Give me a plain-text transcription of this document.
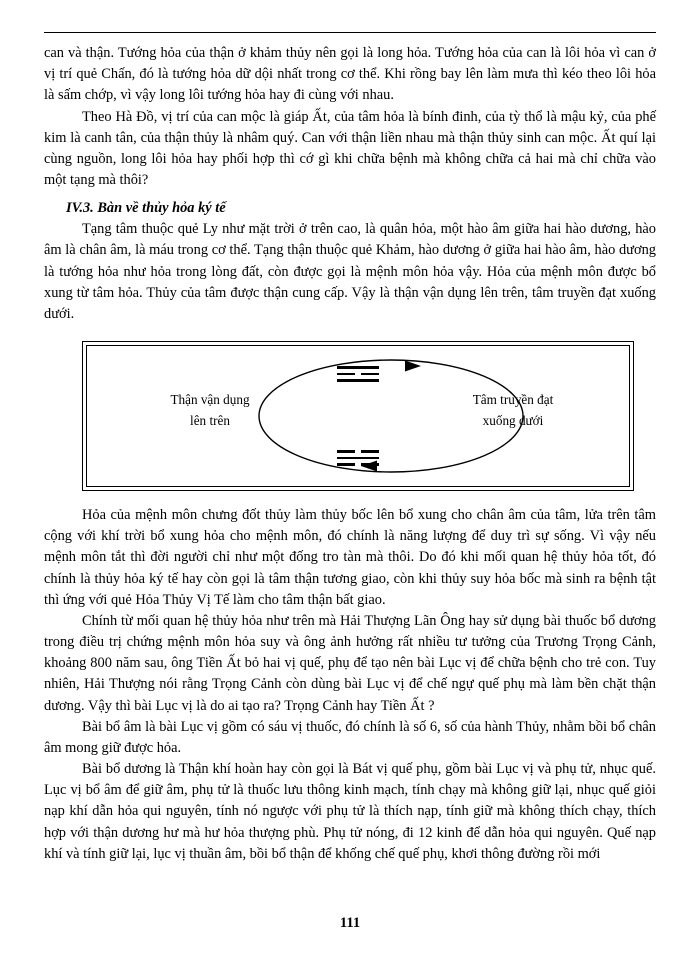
can và thận. Tướng hỏa của thận ở khảm thủy nên gọi là long hỏa. Tướng hỏa của can là lôi hỏa vì can ở vị trí quẻ Chấn, đó là tướng hỏa dữ dội nhất trong cơ thể. Khi rồng bay lên làm mưa thì kéo theo lôi hỏa là sấm chớp, vì vậy long lôi tướng hỏa hay đi cùng với nhau.

Theo Hà Đồ, vị trí của can mộc là giáp Ất, của tâm hỏa là bính đinh, của tỳ thổ là mậu kỷ, của phế kim là canh tân, của thận thủy là nhâm quý. Can với thận liền nhau mà thận thủy sinh can mộc. Ất quí lại cùng nguồn, long lôi hỏa hay phối hợp thì cớ gì khi chữa bệnh mà không chữa cả hai mà chỉ chữa vào một tạng mà thôi?

IV.3. Bàn về thủy hỏa ký tế

Tạng tâm thuộc quẻ Ly như mặt trời ở trên cao, là quân hỏa, một hào âm giữa hai hào dương, hào âm là chân âm, là máu trong cơ thể. Tạng thận thuộc quẻ Khảm, hào dương ở giữa hai hào âm, hào dương là tướng hỏa như hỏa trong lòng đất, còn được gọi là mệnh môn hỏa vậy. Hỏa của mệnh môn được bổ xung từ tâm hỏa. Thủy của tâm được thận cung cấp. Vậy là thận vận dụng lên trên, tâm truyền đạt xuống dưới.

Thận vận dụng
lên trên
Tâm truyền đạt
xuống dưới

Hỏa của mệnh môn chưng đốt thủy làm thủy bốc lên bổ xung cho chân âm của tâm, lửa trên tâm cộng với khí trời bổ xung hỏa cho mệnh môn, đó chính là năng lượng để duy trì sự sống. Vì vậy nếu mệnh môn tắt thì đời người chỉ như một đống tro tàn mà thôi. Do đó khi mối quan hệ thủy hỏa tốt, đó chính là thủy hỏa ký tế hay còn gọi là tâm thận tương giao, còn khi thủy suy hỏa bốc mà sinh ra bệnh tật thì ứng với quẻ Hỏa Thủy Vị Tế làm cho tâm thận bất giao.

Chính từ mối quan hệ thủy hỏa như trên mà Hải Thượng Lãn Ông hay sử dụng bài thuốc bổ dương trong điều trị chứng mệnh môn hỏa suy và ông ảnh hưởng rất nhiều tư tưởng của Trương Trọng Cảnh, khoảng 800 năm sau, ông Tiền Ất bỏ hai vị quế, phụ để tạo nên bài Lục vị để chữa bệnh cho trẻ con. Tuy nhiên, Hải Thượng nói rằng Trọng Cảnh còn dùng bài Lục vị để chế ngự quế phụ mà làm bền chặt thận dương. Vậy thì bài Lục vị là do ai tạo ra? Trọng Cảnh hay Tiền Ất ?

Bài bổ âm là bài Lục vị gồm có sáu vị thuốc, đó chính là số 6, số của hành Thủy, nhằm bồi bổ chân âm mong giữ được hỏa.

Bài bổ dương là Thận khí hoàn hay còn gọi là Bát vị quế phụ, gồm bài Lục vị và phụ tử, nhục quế. Lục vị bổ âm để giữ âm, phụ tử là thuốc lưu thông kinh mạch, tính chạy mà không giữ lại, nhục quế giỏi nạp khí dẫn hỏa qui nguyên, tính nó ngược với phụ tử là thích nạp, tính giữ mà không thích chạy, thích hợp với thận dương hư mà hư hỏa thượng phù. Phụ tử nóng, đi 12 kinh để dẫn hỏa qui nguyên. Quế nạp khí và tính giữ lại, lục vị thuần âm, bồi bổ thận để khống chế quế phụ, khơi thông đường rồi mới

111
